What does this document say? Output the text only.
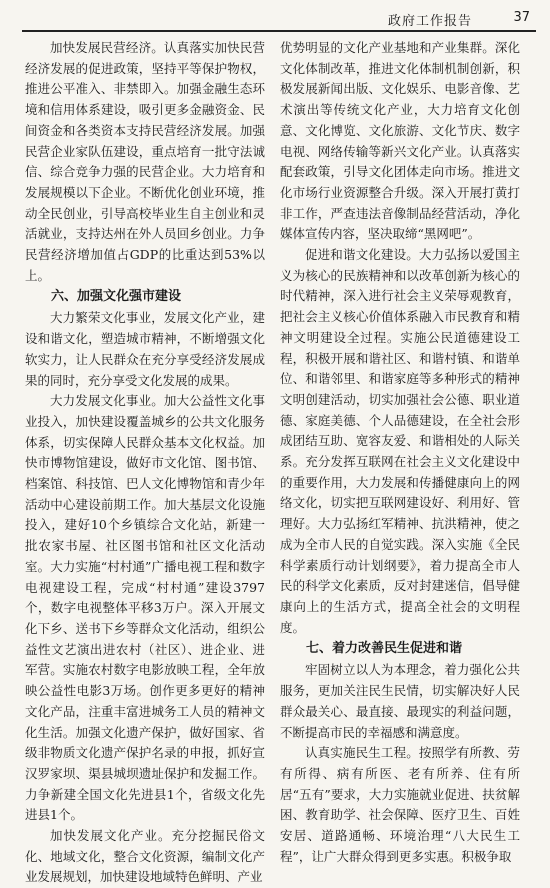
政府工作报告	37

加快发展民营经济。认真落实加快民营经济发展的促进政策，坚持平等保护物权，推进公平准入、非禁即入。加强金融生态环境和信用体系建设，吸引更多金融资金、民间资金和各类资本支持民营经济发展。加强民营企业家队伍建设，重点培育一批守法诚信、综合竞争力强的民营企业。大力培育和发展规模以下企业。不断优化创业环境，推动全民创业，引导高校毕业生自主创业和灵活就业，支持达州在外人员回乡创业。力争民营经济增加值占GDP的比重达到53%以上。

六、加强文化强市建设

大力繁荣文化事业，发展文化产业，建设和谐文化，塑造城市精神，不断增强文化软实力，让人民群众在充分享受经济发展成果的同时，充分享受文化发展的成果。

大力发展文化事业。加大公益性文化事业投入，加快建设覆盖城乡的公共文化服务体系，切实保障人民群众基本文化权益。加快市博物馆建设，做好市文化馆、图书馆、档案馆、科技馆、巴人文化博物馆和青少年活动中心建设前期工作。加大基层文化设施投入，建好10个乡镇综合文化站，新建一批农家书屋、社区图书馆和社区文化活动室。大力实施“村村通”广播电视工程和数字电视建设工程，完成“村村通”建设3797个，数字电视整体平移3万户。深入开展文化下乡、送书下乡等群众文化活动，组织公益性文艺演出进农村（社区）、进企业、进军营。实施农村数字电影放映工程，全年放映公益性电影3万场。创作更多更好的精神文化产品，注重丰富进城务工人员的精神文化生活。加强文化遗产保护，做好国家、省级非物质文化遗产保护名录的申报，抓好宣汉罗家坝、渠县城坝遗址保护和发掘工作。力争新建全国文化先进县1个，省级文化先进县1个。

加快发展文化产业。充分挖掘民俗文化、地域文化，整合文化资源，编制文化产业发展规划，加快建设地域特色鲜明、产业

优势明显的文化产业基地和产业集群。深化文化体制改革，推进文化体制机制创新，积极发展新闻出版、文化娱乐、电影音像、艺术演出等传统文化产业，大力培育文化创意、文化博览、文化旅游、文化节庆、数字电视、网络传输等新兴文化产业。认真落实配套政策，引导文化团体走向市场。推进文化市场行业资源整合升级。深入开展打黄打非工作，严查违法音像制品经营活动，净化媒体宣传内容，坚决取缔“黑网吧”。

促进和谐文化建设。大力弘扬以爱国主义为核心的民族精神和以改革创新为核心的时代精神，深入进行社会主义荣辱观教育，把社会主义核心价值体系融入市民教育和精神文明建设全过程。实施公民道德建设工程，积极开展和谐社区、和谐村镇、和谐单位、和谐邻里、和谐家庭等多种形式的精神文明创建活动，切实加强社会公德、职业道德、家庭美德、个人品德建设，在全社会形成团结互助、宽容友爱、和谐相处的人际关系。充分发挥互联网在社会主义文化建设中的重要作用，大力发展和传播健康向上的网络文化，切实把互联网建设好、利用好、管理好。大力弘扬红军精神、抗洪精神，使之成为全市人民的自觉实践。深入实施《全民科学素质行动计划纲要》，着力提高全市人民的科学文化素质，反对封建迷信，倡导健康向上的生活方式，提高全社会的文明程度。

七、着力改善民生促进和谐

牢固树立以人为本理念，着力强化公共服务，更加关注民生民情，切实解决好人民群众最关心、最直接、最现实的利益问题，不断提高市民的幸福感和满意度。

认真实施民生工程。按照学有所教、劳有所得、病有所医、老有所养、住有所居“五有”要求，大力实施就业促进、扶贫解困、教育助学、社会保障、医疗卫生、百姓安居、道路通畅、环境治理“八大民生工程”，让广大群众得到更多实惠。积极争取
